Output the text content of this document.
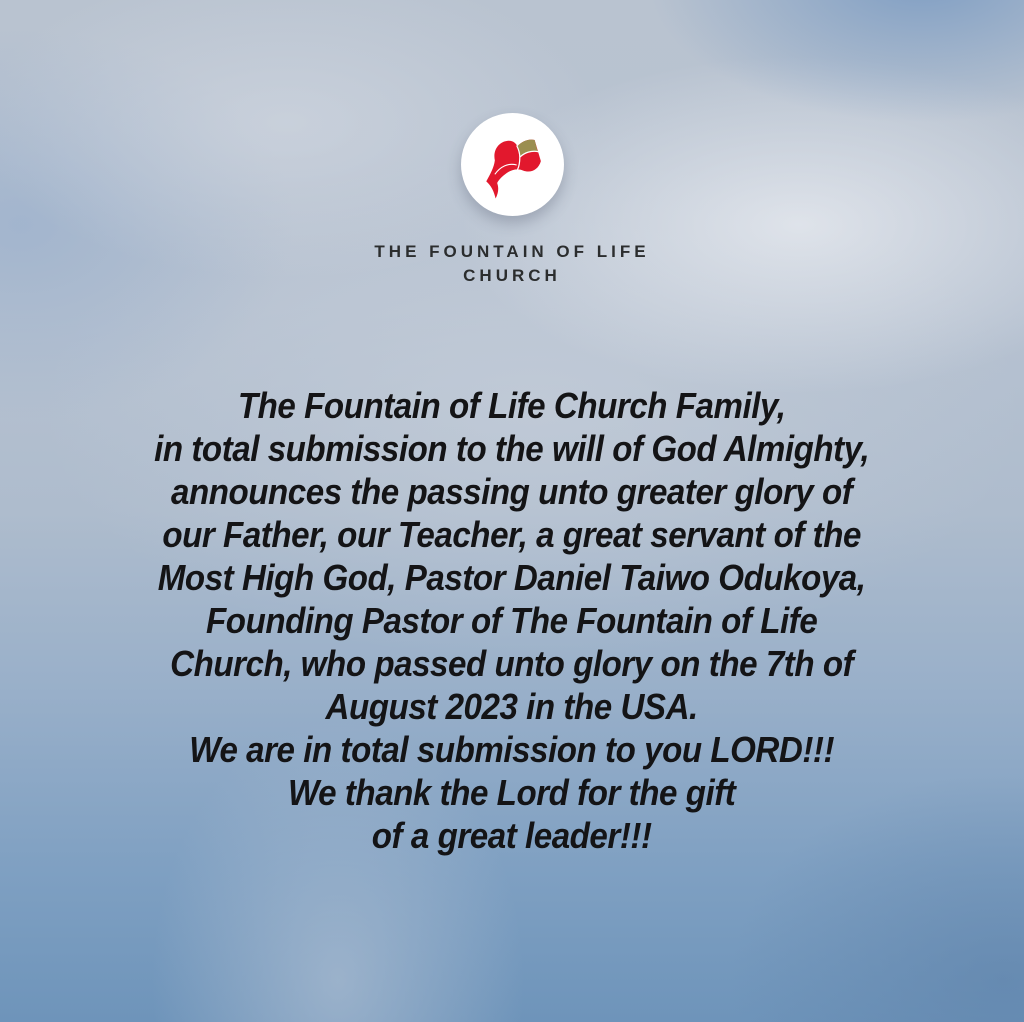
THE FOUNTAIN OF LIFE
CHURCH
The Fountain of Life Church Family,
in total submission to the will of God Almighty,
announces the passing unto greater glory of
our Father, our Teacher, a great servant of the
Most High God, Pastor Daniel Taiwo Odukoya,
Founding Pastor of The Fountain of Life
Church, who passed unto glory on the 7th of
August 2023 in the USA.
We are in total submission to you LORD!!!
We thank the Lord for the gift
of a great leader!!!
